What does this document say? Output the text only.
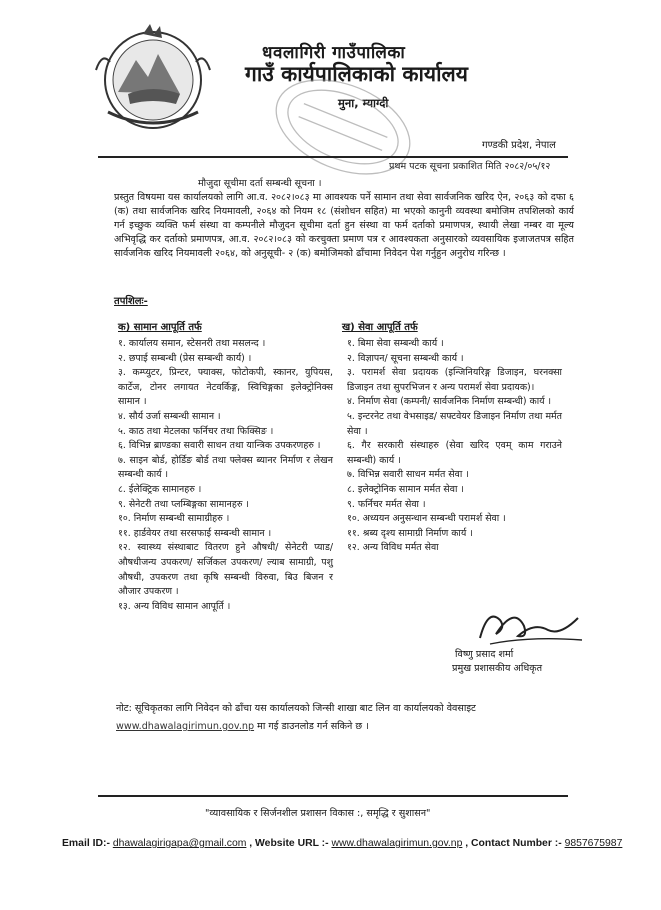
धवलागिरी गाउँपालिका
गाउँ कार्यपालिकाको कार्यालय
मुना, म्याग्दी
गण्डकी प्रदेश, नेपाल
प्रथम पटक सूचना प्रकाशित मिति २०८२/०५/१२
मौजुदा सूचीमा दर्ता सम्बन्धी सूचना ।
प्रस्तुत विषयमा यस कार्यालयको लागि आ.व. २०८२।०८३ मा आवश्यक पर्ने सामान तथा सेवा सार्वजनिक खरिद ऐन, २०६३ को दफा ६ (क) तथा सार्वजनिक खरिद नियमावली, २०६४ को नियम १८ (संशोधन सहित) मा भएको कानुनी व्यवस्था बमोजिम तपशिलको कार्य गर्न इच्छुक व्यक्ति फर्म संस्था वा कम्पनीले मौजुदन सूचीमा दर्ता हुन संस्था वा फर्म दर्ताको प्रमाणपत्र, स्थायी लेखा नम्बर वा मूल्य अभिवृद्धि कर दर्ताको प्रमाणपत्र, आ.व. २०८२।०८३ को करचुक्ता प्रमाण पत्र र आवश्यकता अनुसारको व्यवसायिक इजाजतपत्र सहित सार्वजनिक खरिद नियमावली २०६४, को अनुसूची- २ (क) बमोजिमको ढाँचामा निवेदन पेश गर्नुहुन अनुरोध गरिन्छ ।
तपशिलः-
क) सामान आपूर्ति तर्फ	ख) सेवा आपूर्ति तर्फ
१. कार्यालय समान, स्टेसनरी तथा मसलन्द ।
२. छपाई सम्बन्धी (प्रेस सम्बन्धी कार्य) ।
३. कम्प्युटर, प्रिन्टर, फ्याक्स, फोटोकपी, स्कानर, युपियस, कार्टेज, टोनर लगायत नेटवर्किङ्ग, स्विचिङ्गका इलेक्ट्रोनिक्स सामान ।
४. सौर्य उर्जा सम्बन्धी सामान ।
५. काठ तथा मेटलका फर्निचर तथा फिक्सिङ ।
६. विभिन्न ब्राण्डका सवारी साधन तथा यान्त्रिक उपकरणहरु ।
७. साइन बोर्ड, होर्डिङ बोर्ड तथा फ्लेक्स ब्यानर निर्माण र लेखन सम्बन्धी कार्य ।
८. ईलेक्ट्रिक सामानहरु ।
९. सेनेटरी तथा प्लम्बिङ्गका सामानहरु ।
१०. निर्माण सम्बन्धी सामाग्रीहरु ।
११. हार्डवेयर तथा सरसफाई सम्बन्धी सामान ।
१२. स्वास्थ्य संस्थाबाट वितरण हुने औषधी/ सेनेटरी प्याड/ औषधीजन्य उपकरण/ सर्जिकल उपकरण/ ल्याब सामाग्री, पशु औषधी, उपकरण तथा कृषि सम्बन्धी विरुवा, बिउ बिजन र औजार उपकरण ।
१३. अन्य विविध सामान आपूर्ति ।
१. बिमा सेवा सम्बन्धी कार्य ।
२. विज्ञापन/ सूचना सम्बन्धी कार्य ।
३. परामर्श सेवा प्रदायक (इन्जिनियरिङ्ग डिजाइन, घरनक्सा डिजाइन तथा सुपरभिजन र अन्य परामर्श सेवा प्रदायक)।
४. निर्माण सेवा (कम्पनी/ सार्वजनिक निर्माण सम्बन्धी) कार्य ।
५. इन्टरनेट तथा वेभसाइड/ सफ्टवेयर डिजाइन निर्माण तथा मर्मत सेवा ।
६. गैर सरकारी संस्थाहरु (सेवा खरिद एवम् काम गराउने सम्बन्धी) कार्य ।
७. विभिन्न सवारी साधन मर्मत सेवा ।
८. इलेक्ट्रोनिक सामान मर्मत सेवा ।
९. फर्निचर मर्मत सेवा ।
१०. अध्ययन अनुसन्धान सम्बन्धी परामर्श सेवा ।
११. श्रब्य दृश्य सामाग्री निर्माण कार्य ।
१२. अन्य विविध मर्मत सेवा
विष्णु प्रसाद शर्मा
प्रमुख प्रशासकीय अधिकृत
नोट: सूचिकृतका लागि निवेदन को ढाँचा यस कार्यालयको जिन्सी शाखा बाट लिन वा कार्यालयको वेवसाइट
www.dhawalagirimun.gov.np मा गई डाउनलोड गर्न सकिने छ ।
"व्यावसायिक र सिर्जनशील प्रशासन विकास :, समृद्धि र सुशासन"
Email ID:- dhawalagirigapa@gmail.com , Website URL :- www.dhawalagirimun.gov.np , Contact Number :- 9857675987
